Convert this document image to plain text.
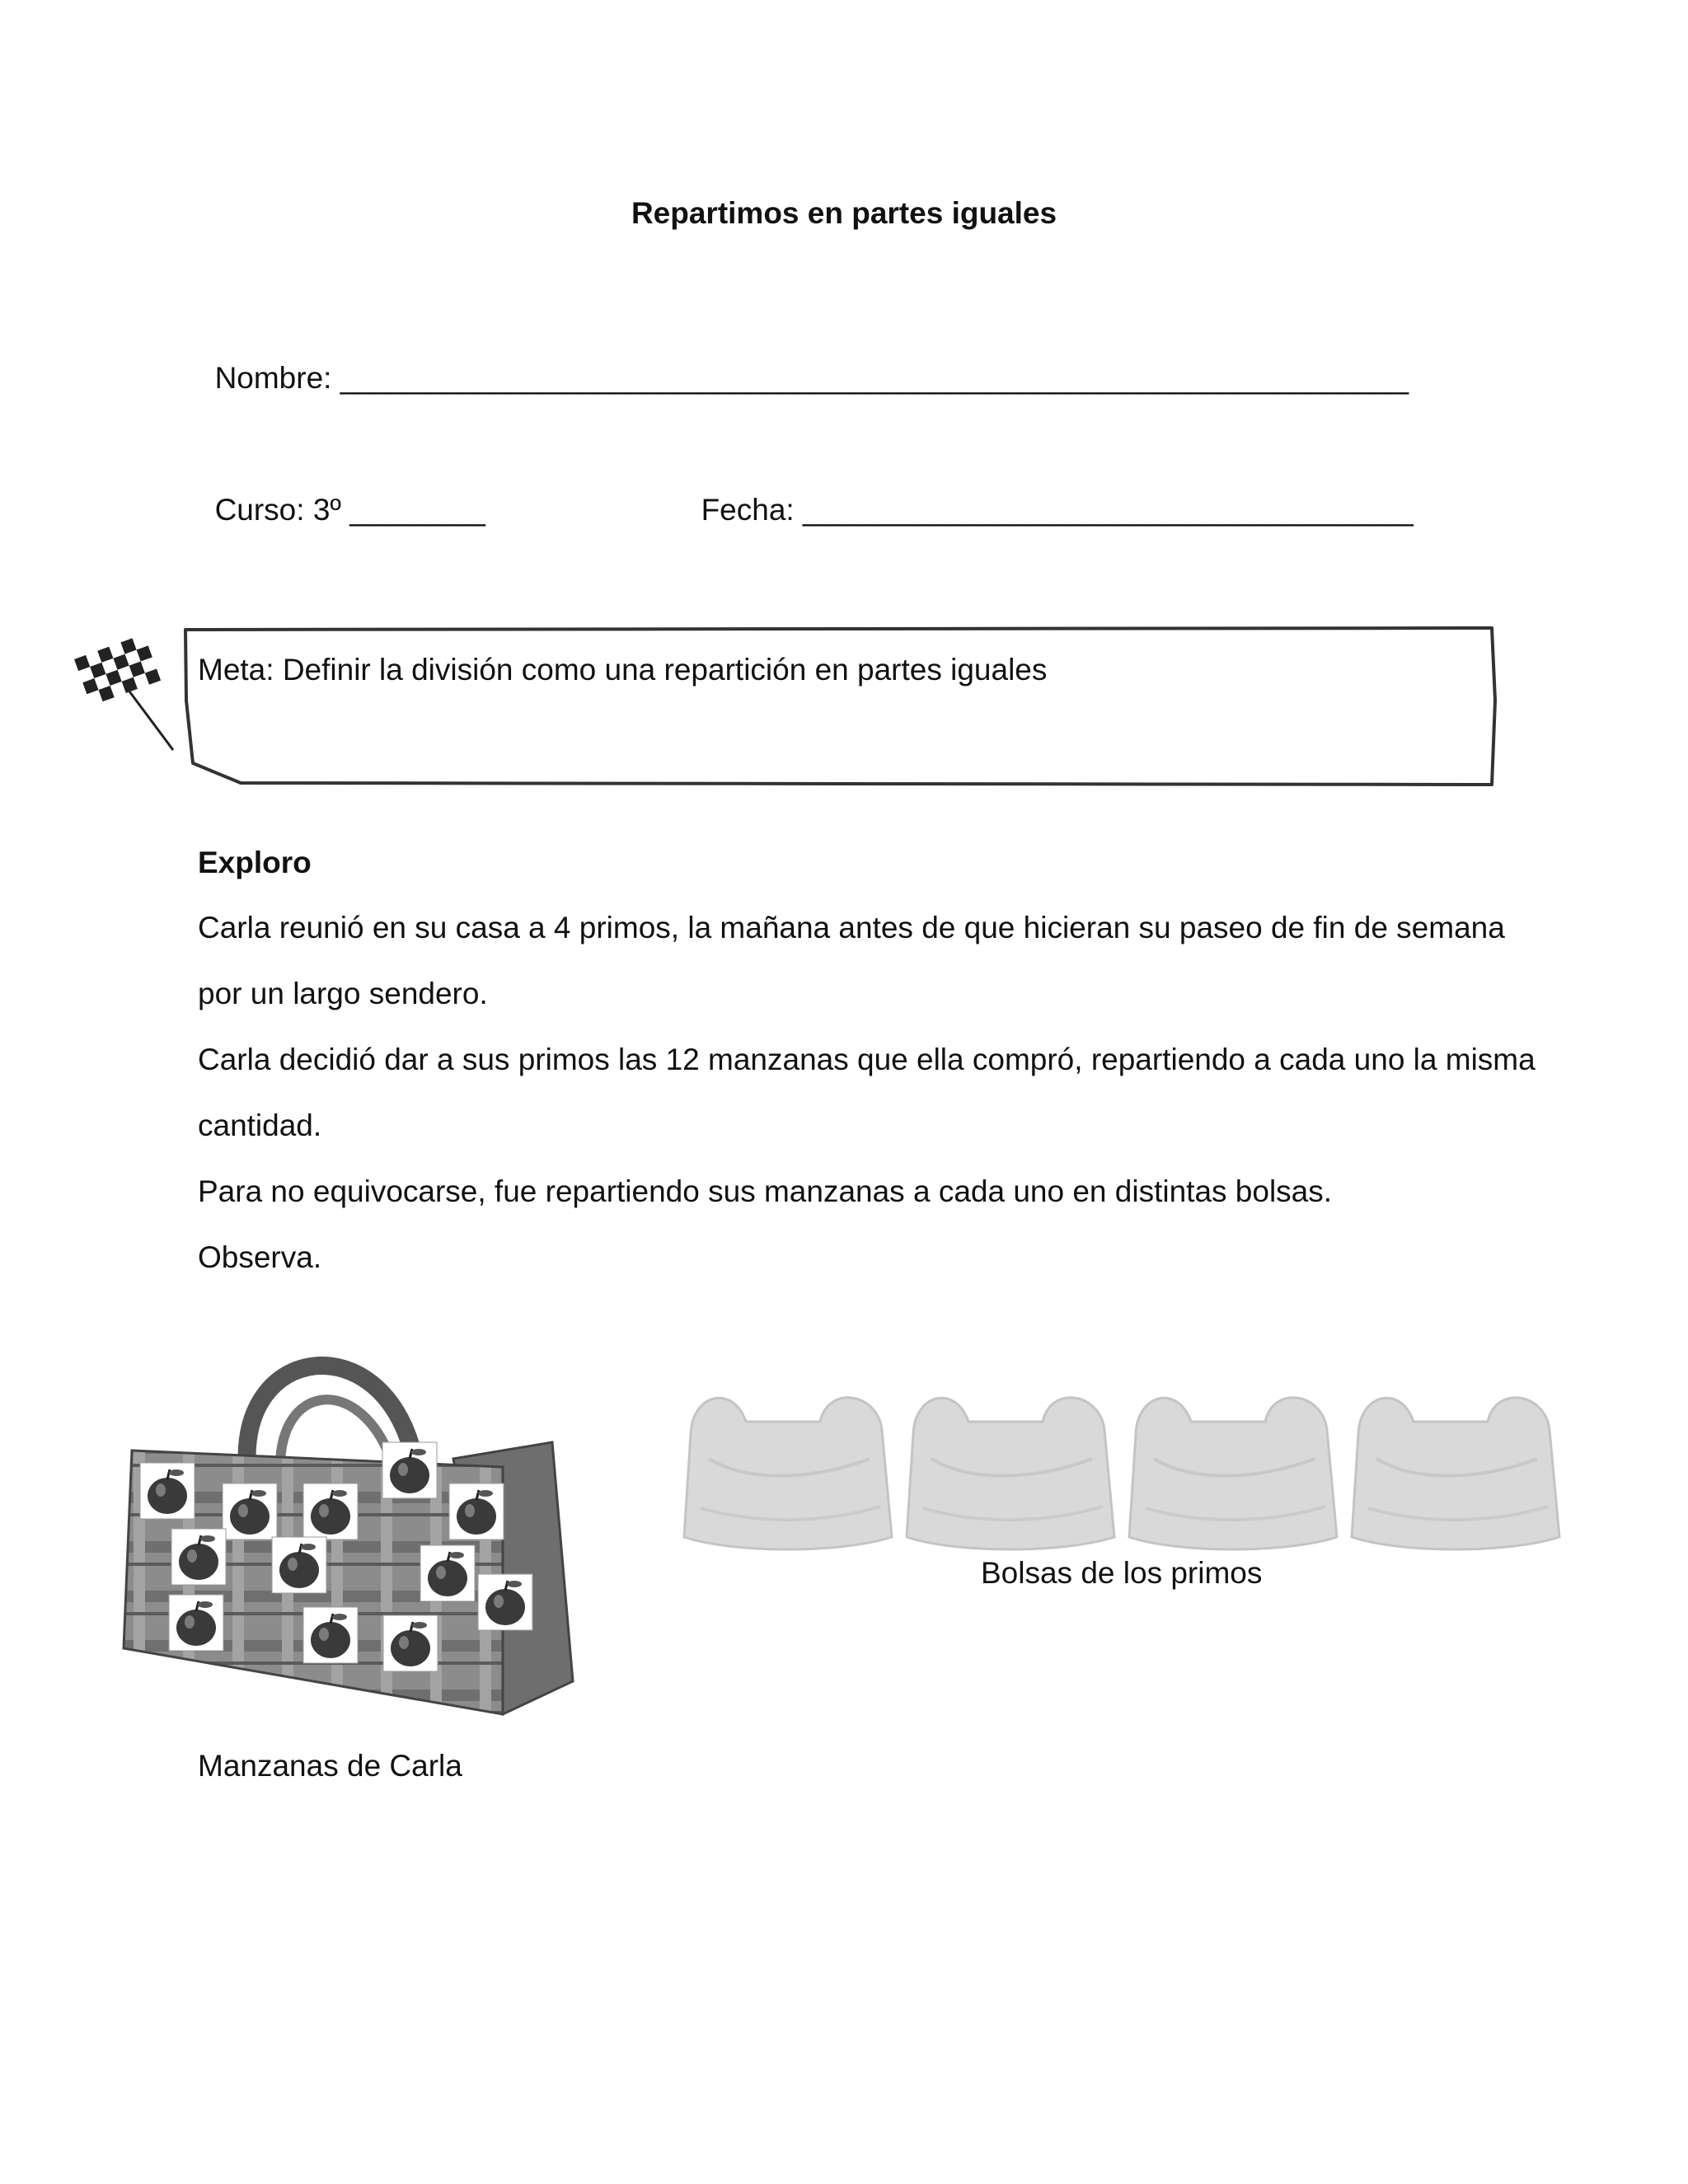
Repartimos en partes iguales

Nombre: _______________________________________________________________

Curso: 3º ________	Fecha: ____________________________________

Meta: Definir la división como una repartición en partes iguales
Exploro

Carla reunió en su casa a 4 primos, la mañana antes de que hicieran su paseo de fin de semana por un largo sendero.

Carla decidió dar a sus primos las 12 manzanas que ella compró, repartiendo a cada uno la misma cantidad.

Para no equivocarse, fue repartiendo sus manzanas a cada uno en distintas bolsas.

Observa.

Manzanas de Carla
Bolsas de los primos
